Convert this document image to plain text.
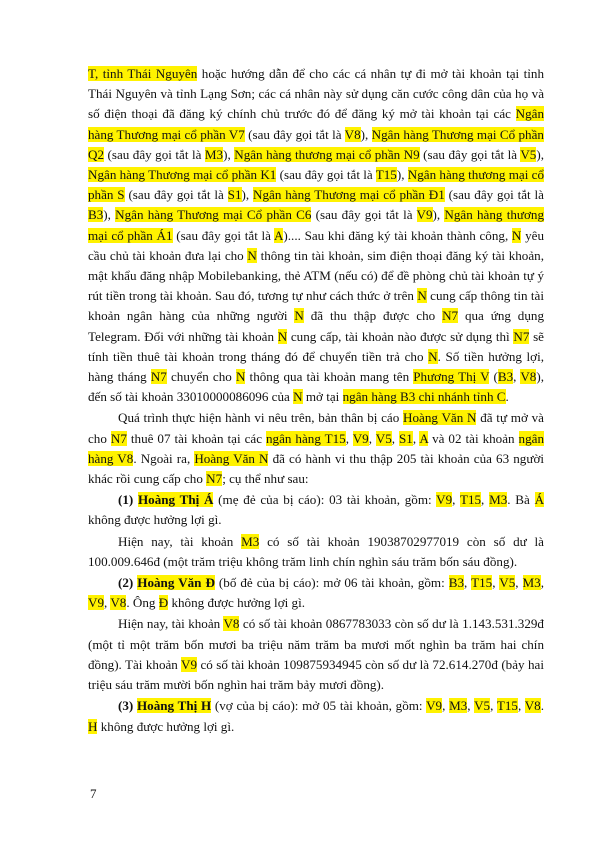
T, tỉnh Thái Nguyên hoặc hướng dẫn để cho các cá nhân tự đi mở tài khoản tại tỉnh Thái Nguyên và tỉnh Lạng Sơn; các cá nhân này sử dụng căn cước công dân của họ và số điện thoại đã đăng ký chính chủ trước đó để đăng ký mở tài khoản tại các Ngân hàng Thương mại cổ phần V7 (sau đây gọi tắt là V8), Ngân hàng Thương mại Cổ phần Q2 (sau đây gọi tắt là M3), Ngân hàng thương mại cổ phần N9 (sau đây gọi tắt là V5), Ngân hàng Thương mại cổ phần K1 (sau đây gọi tắt là T15), Ngân hàng thương mại cổ phần S (sau đây gọi tắt là S1), Ngân hàng Thương mại cổ phần Đ1 (sau đây gọi tắt là B3), Ngân hàng Thương mại Cổ phần C6 (sau đây gọi tắt là V9), Ngân hàng thương mại cổ phần Á1 (sau đây gọi tắt là A).... Sau khi đăng ký tài khoản thành công, N yêu cầu chủ tài khoản đưa lại cho N thông tin tài khoản, sim điện thoại đăng ký tài khoản, mật khẩu đăng nhập Mobilebanking, thẻ ATM (nếu có) để đề phòng chủ tài khoản tự ý rút tiền trong tài khoản. Sau đó, tương tự như cách thức ở trên N cung cấp thông tin tài khoản ngân hàng của những người N đã thu thập được cho N7 qua ứng dụng Telegram. Đối với những tài khoản N cung cấp, tài khoản nào được sử dụng thì N7 sẽ tính tiền thuê tài khoản trong tháng đó để chuyển tiền trả cho N. Số tiền hưởng lợi, hàng tháng N7 chuyển cho N thông qua tài khoản mang tên Phương Thị V (B3, V8), đến số tài khoản 33010000086096 của N mở tại ngân hàng B3 chi nhánh tỉnh C.

Quá trình thực hiện hành vi nêu trên, bản thân bị cáo Hoàng Văn N đã tự mở và cho N7 thuê 07 tài khoản tại các ngân hàng T15, V9, V5, S1, A và 02 tài khoản ngân hàng V8. Ngoài ra, Hoàng Văn N đã có hành vi thu thập 205 tài khoản của 63 người khác rồi cung cấp cho N7; cụ thể như sau:

(1) Hoàng Thị Á (mẹ đẻ của bị cáo): 03 tài khoản, gồm: V9, T15, M3. Bà Á không được hưởng lợi gì.

Hiện nay, tài khoản M3 có số tài khoản 19038702977019 còn số dư là 100.009.646đ (một trăm triệu không trăm linh chín nghìn sáu trăm bốn sáu đồng).

(2) Hoàng Văn Đ (bố đẻ của bị cáo): mở 06 tài khoản, gồm: B3, T15, V5, M3, V9, V8. Ông Đ không được hưởng lợi gì.

Hiện nay, tài khoản V8 có số tài khoản 0867783033 còn số dư là 1.143.531.329đ (một tỉ một trăm bốn mươi ba triệu năm trăm ba mươi mốt nghìn ba trăm hai chín đồng). Tài khoản V9 có số tài khoản 109875934945 còn số dư là 72.614.270đ (bảy hai triệu sáu trăm mười bốn nghìn hai trăm bảy mươi đồng).

(3) Hoàng Thị H (vợ của bị cáo): mở 05 tài khoản, gồm: V9, M3, V5, T15, V8. H không được hưởng lợi gì.

7
